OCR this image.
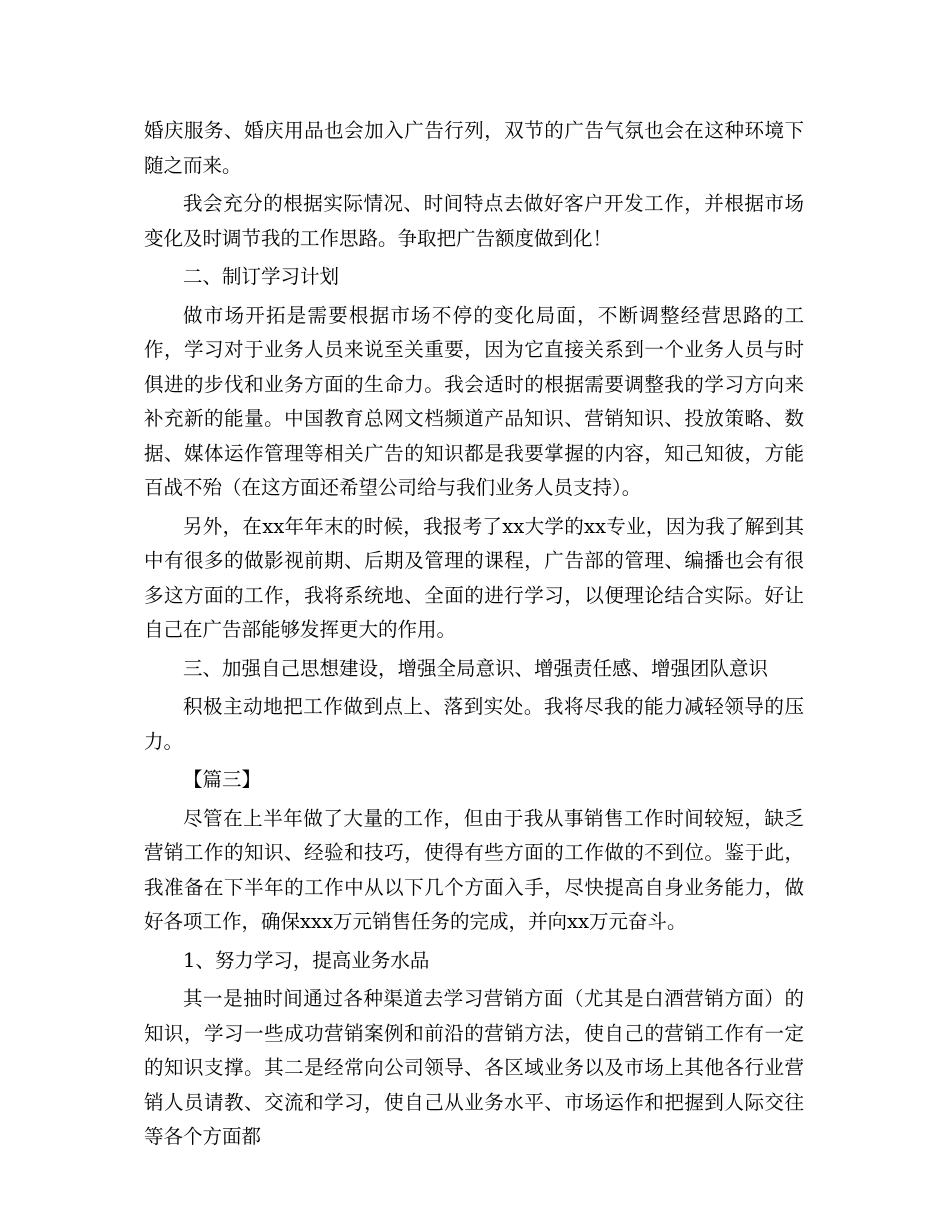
婚庆服务、婚庆用品也会加入广告行列，双节的广告气氛也会在这种环境下随之而来。

我会充分的根据实际情况、时间特点去做好客户开发工作，并根据市场变化及时调节我的工作思路。争取把广告额度做到化！

二、制订学习计划

做市场开拓是需要根据市场不停的变化局面，不断调整经营思路的工作，学习对于业务人员来说至关重要，因为它直接关系到一个业务人员与时俱进的步伐和业务方面的生命力。我会适时的根据需要调整我的学习方向来补充新的能量。中国教育总网文档频道产品知识、营销知识、投放策略、数据、媒体运作管理等相关广告的知识都是我要掌握的内容，知己知彼，方能百战不殆（在这方面还希望公司给与我们业务人员支持）。

另外，在xx年年末的时候，我报考了xx大学的xx专业，因为我了解到其中有很多的做影视前期、后期及管理的课程，广告部的管理、编播也会有很多这方面的工作，我将系统地、全面的进行学习，以便理论结合实际。好让自己在广告部能够发挥更大的作用。

三、加强自己思想建设，增强全局意识、增强责任感、增强团队意识

积极主动地把工作做到点上、落到实处。我将尽我的能力减轻领导的压力。

【篇三】

尽管在上半年做了大量的工作，但由于我从事销售工作时间较短，缺乏营销工作的知识、经验和技巧，使得有些方面的工作做的不到位。鉴于此，我准备在下半年的工作中从以下几个方面入手，尽快提高自身业务能力，做好各项工作，确保xxx万元销售任务的完成，并向xx万元奋斗。

1、努力学习，提高业务水品

其一是抽时间通过各种渠道去学习营销方面（尤其是白酒营销方面）的知识，学习一些成功营销案例和前沿的营销方法，使自己的营销工作有一定的知识支撑。其二是经常向公司领导、各区域业务以及市场上其他各行业营销人员请教、交流和学习，使自己从业务水平、市场运作和把握到人际交往等各个方面都
